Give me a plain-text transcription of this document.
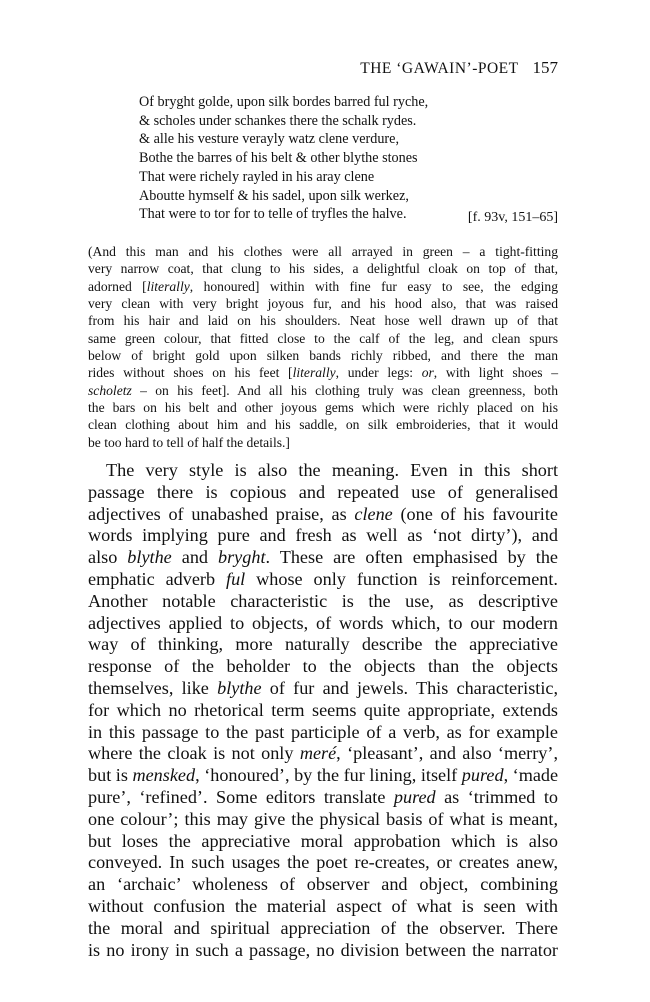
THE ‘GAWAIN’-POET 157
Of bryght golde, upon silk bordes barred ful ryche,
& scholes under schankes there the schalk rydes.
& alle his vesture verayly watz clene verdure,
Bothe the barres of his belt & other blythe stones
That were richely rayled in his aray clene
Aboutte hymself & his sadel, upon silk werkez,
That were to tor for to telle of tryfles the halve.	[f. 93v, 151–65]
(And this man and his clothes were all arrayed in green – a tight-fitting
very narrow coat, that clung to his sides, a delightful cloak on top of that,
adorned [literally, honoured] within with fine fur easy to see, the edging
very clean with very bright joyous fur, and his hood also, that was raised
from his hair and laid on his shoulders. Neat hose well drawn up of that
same green colour, that fitted close to the calf of the leg, and clean spurs
below of bright gold upon silken bands richly ribbed, and there the man
rides without shoes on his feet [literally, under legs: or, with light shoes –
scholetz – on his feet]. And all his clothing truly was clean greenness, both
the bars on his belt and other joyous gems which were richly placed on his
clean clothing about him and his saddle, on silk embroideries, that it would
be too hard to tell of half the details.]
The very style is also the meaning. Even in this short
passage there is copious and repeated use of generalised
adjectives of unabashed praise, as clene (one of his favourite
words implying pure and fresh as well as ‘not dirty’), and
also blythe and bryght. These are often emphasised by the
emphatic adverb ful whose only function is reinforcement.
Another notable characteristic is the use, as descriptive
adjectives applied to objects, of words which, to our modern
way of thinking, more naturally describe the appreciative
response of the beholder to the objects than the objects
themselves, like blythe of fur and jewels. This characteristic,
for which no rhetorical term seems quite appropriate, extends
in this passage to the past participle of a verb, as for example
where the cloak is not only meré, ‘pleasant’, and also ‘merry’,
but is mensked, ‘honoured’, by the fur lining, itself pured, ‘made
pure’, ‘refined’. Some editors translate pured as ‘trimmed to
one colour’; this may give the physical basis of what is meant,
but loses the appreciative moral approbation which is also
conveyed. In such usages the poet re-creates, or creates anew,
an ‘archaic’ wholeness of observer and object, combining
without confusion the material aspect of what is seen with
the moral and spiritual appreciation of the observer. There
is no irony in such a passage, no division between the narrator
